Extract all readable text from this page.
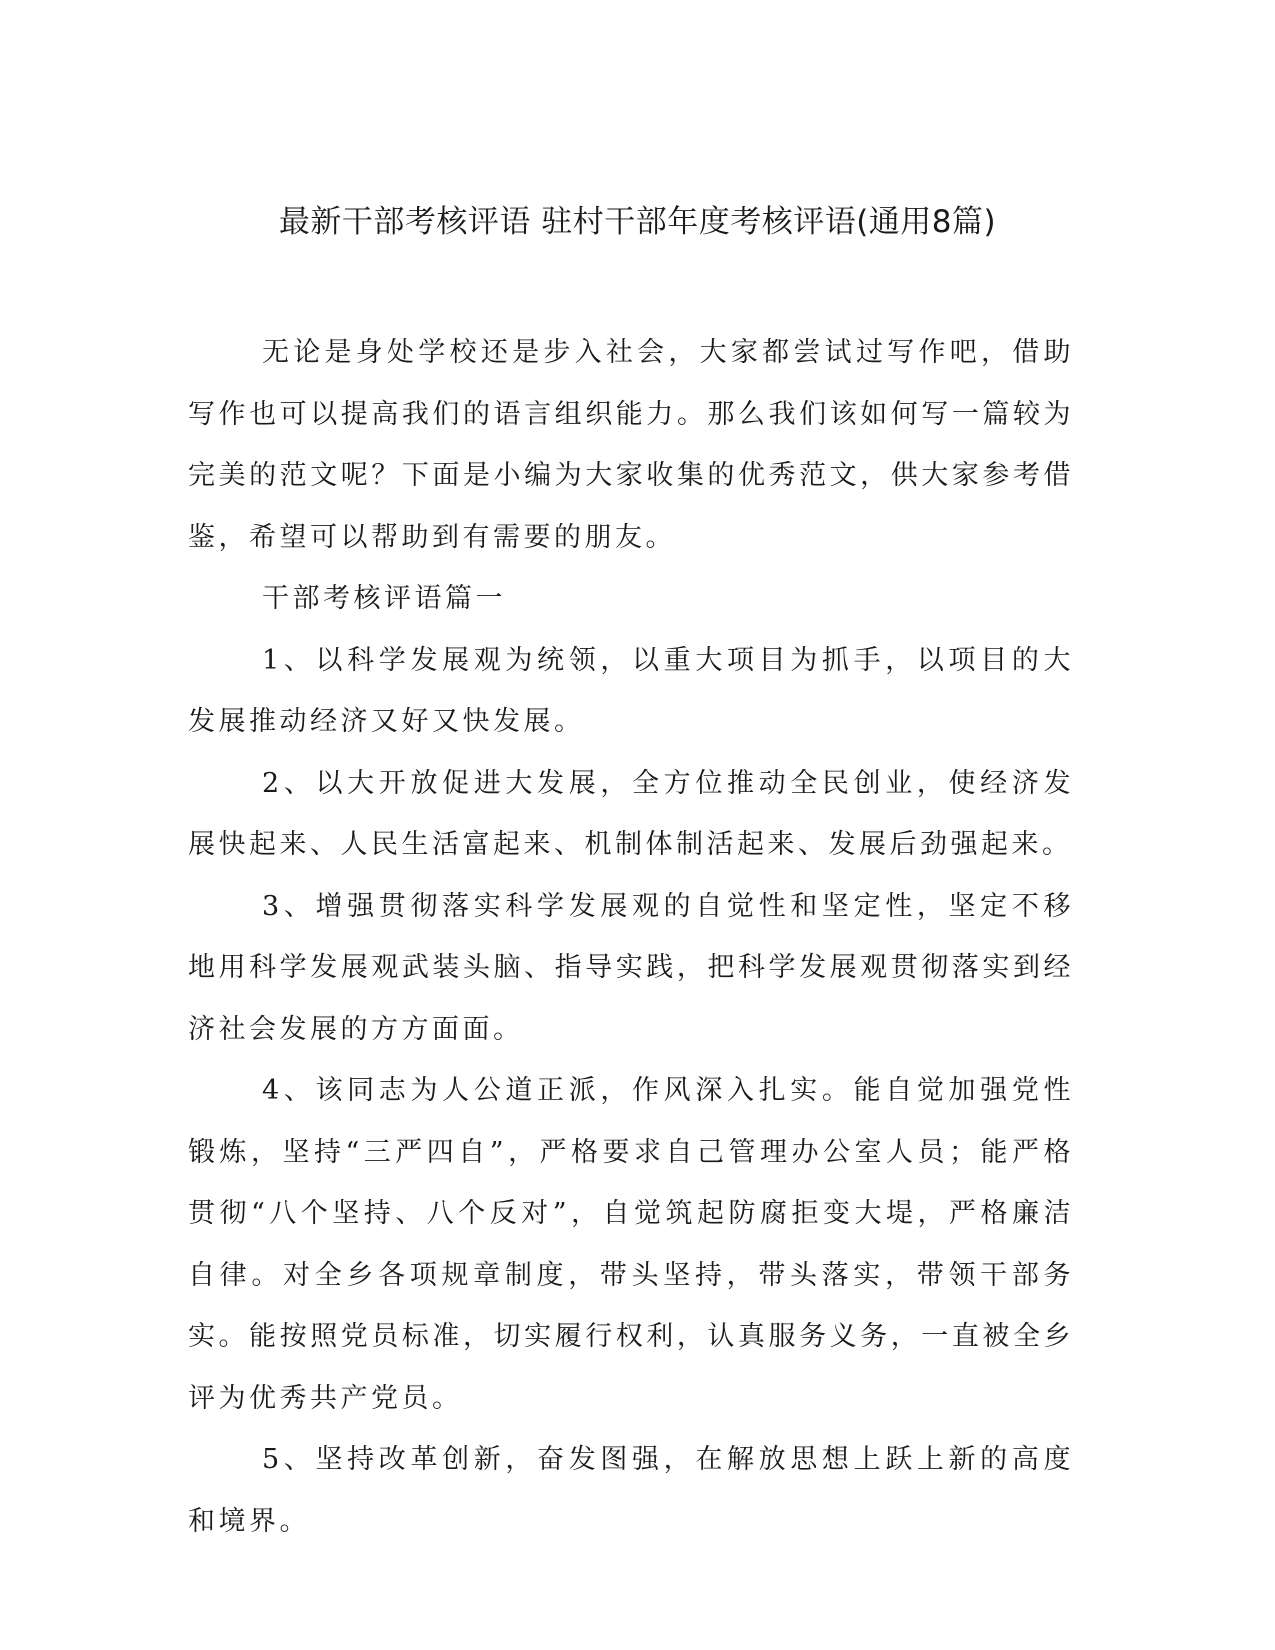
最新干部考核评语 驻村干部年度考核评语(通用8篇)

无论是身处学校还是步入社会，大家都尝试过写作吧，借助写作也可以提高我们的语言组织能力。那么我们该如何写一篇较为完美的范文呢？下面是小编为大家收集的优秀范文，供大家参考借鉴，希望可以帮助到有需要的朋友。

干部考核评语篇一

1、以科学发展观为统领，以重大项目为抓手，以项目的大发展推动经济又好又快发展。

2、以大开放促进大发展，全方位推动全民创业，使经济发展快起来、人民生活富起来、机制体制活起来、发展后劲强起来。

3、增强贯彻落实科学发展观的自觉性和坚定性，坚定不移地用科学发展观武装头脑、指导实践，把科学发展观贯彻落实到经济社会发展的方方面面。

4、该同志为人公道正派，作风深入扎实。能自觉加强党性锻炼，坚持“三严四自”，严格要求自己管理办公室人员；能严格贯彻“八个坚持、八个反对”，自觉筑起防腐拒变大堤，严格廉洁自律。对全乡各项规章制度，带头坚持，带头落实，带领干部务实。能按照党员标准，切实履行权利，认真服务义务，一直被全乡评为优秀共产党员。

5、坚持改革创新，奋发图强，在解放思想上跃上新的高度和境界。
